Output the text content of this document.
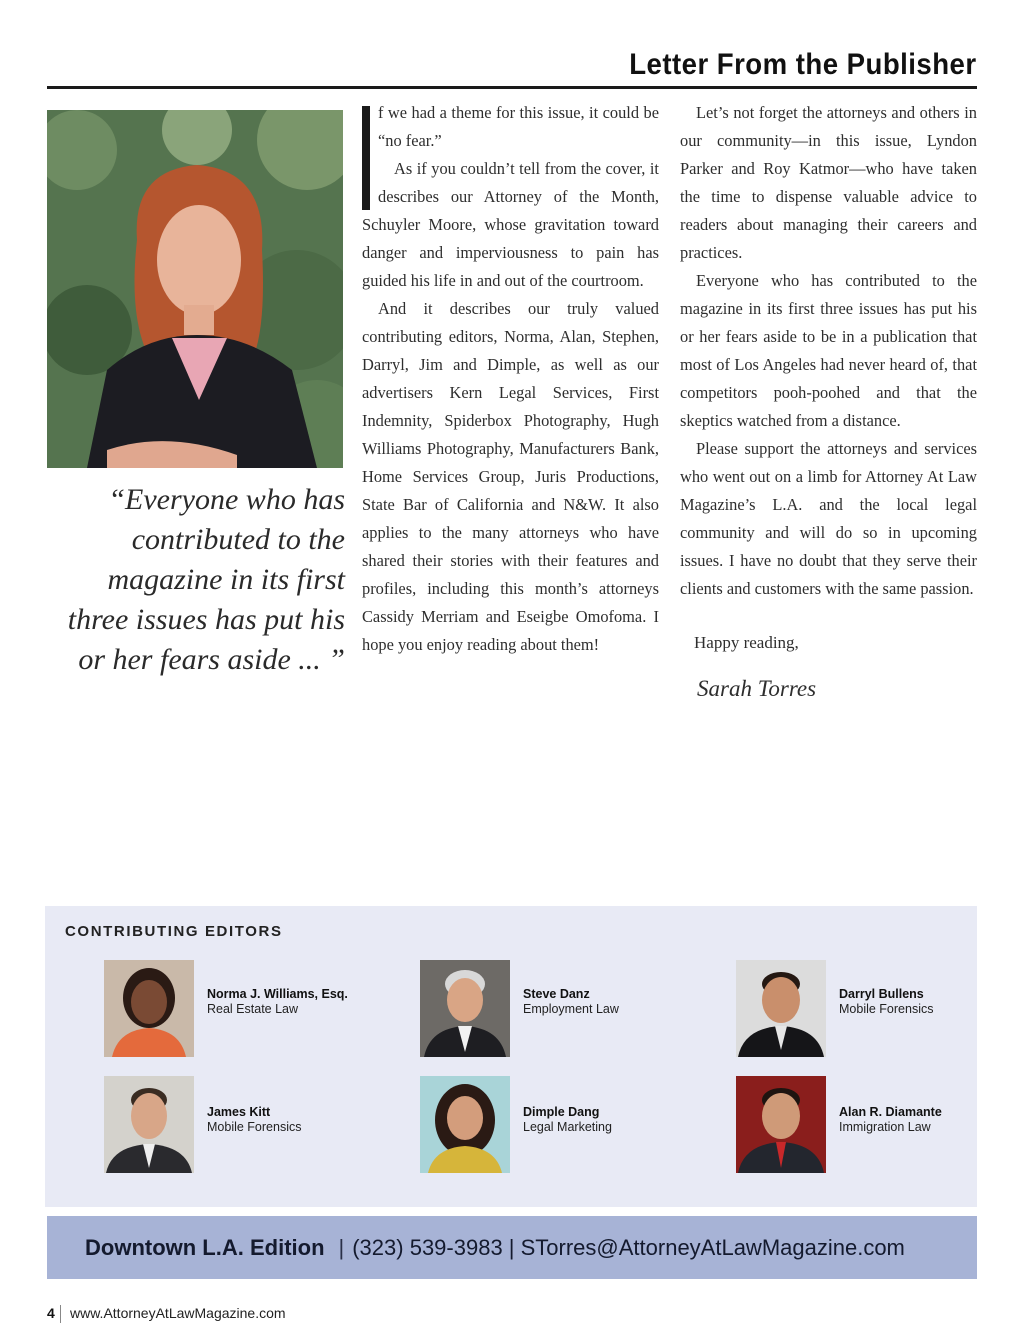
Letter From the Publisher
“Everyone who has contributed to the magazine in its first three issues has put his or her fears aside ... ”

f we had a theme for this issue, it could be “no fear.”

As if you couldn’t tell from the cover, it describes our Attorney of the Month, Schuyler Moore, whose gravitation toward danger and imperviousness to pain has guided his life in and out of the courtroom.

And it describes our truly valued contributing editors, Norma, Alan, Stephen, Darryl, Jim and Dimple, as well as our advertisers Kern Legal Services, First Indemnity, Spiderbox Photography, Hugh Williams Photography, Manufacturers Bank, Home Services Group, Juris Productions, State Bar of California and N&W. It also applies to the many attorneys who have shared their stories with their features and profiles, including this month’s attorneys Cassidy Merriam and Eseigbe Omofoma. I hope you enjoy reading about them!

Let’s not forget the attorneys and others in our community—in this issue, Lyndon Parker and Roy Katmor—who have taken the time to dispense valuable advice to readers about managing their careers and practices.

Everyone who has contributed to the magazine in its first three issues has put his or her fears aside to be in a publication that most of Los Angeles had never heard of, that competitors pooh-poohed and that the skeptics watched from a distance.

Please support the attorneys and services who went out on a limb for Attorney At Law Magazine’s L.A. and the local legal community and will do so in upcoming issues. I have no doubt that they serve their clients and customers with the same passion.

Happy reading,
Sarah Torres
CONTRIBUTING EDITORS
Norma J. Williams, Esq.
Real Estate Law
Steve Danz
Employment Law
Darryl Bullens
Mobile Forensics
James Kitt
Mobile Forensics
Dimple Dang
Legal Marketing
Alan R. Diamante
Immigration Law
Downtown L.A. Edition | (323) 539-3983 | STorres@AttorneyAtLawMagazine.com
4 www.AttorneyAtLawMagazine.com
